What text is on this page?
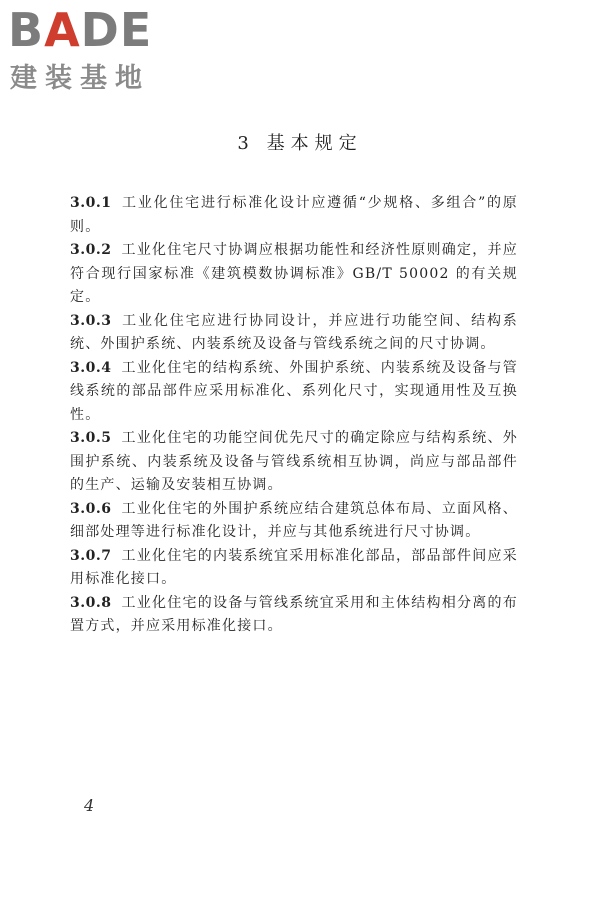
BADE
建装基地
3 基本规定

3.0.1 工业化住宅进行标准化设计应遵循“少规格、多组合”的原则。

3.0.2 工业化住宅尺寸协调应根据功能性和经济性原则确定，并应符合现行国家标准《建筑模数协调标准》GB/T 50002 的有关规定。

3.0.3 工业化住宅应进行协同设计，并应进行功能空间、结构系统、外围护系统、内装系统及设备与管线系统之间的尺寸协调。

3.0.4 工业化住宅的结构系统、外围护系统、内装系统及设备与管线系统的部品部件应采用标准化、系列化尺寸，实现通用性及互换性。

3.0.5 工业化住宅的功能空间优先尺寸的确定除应与结构系统、外围护系统、内装系统及设备与管线系统相互协调，尚应与部品部件的生产、运输及安装相互协调。

3.0.6 工业化住宅的外围护系统应结合建筑总体布局、立面风格、细部处理等进行标准化设计，并应与其他系统进行尺寸协调。

3.0.7 工业化住宅的内装系统宜采用标准化部品，部品部件间应采用标准化接口。

3.0.8 工业化住宅的设备与管线系统宜采用和主体结构相分离的布置方式，并应采用标准化接口。

4
